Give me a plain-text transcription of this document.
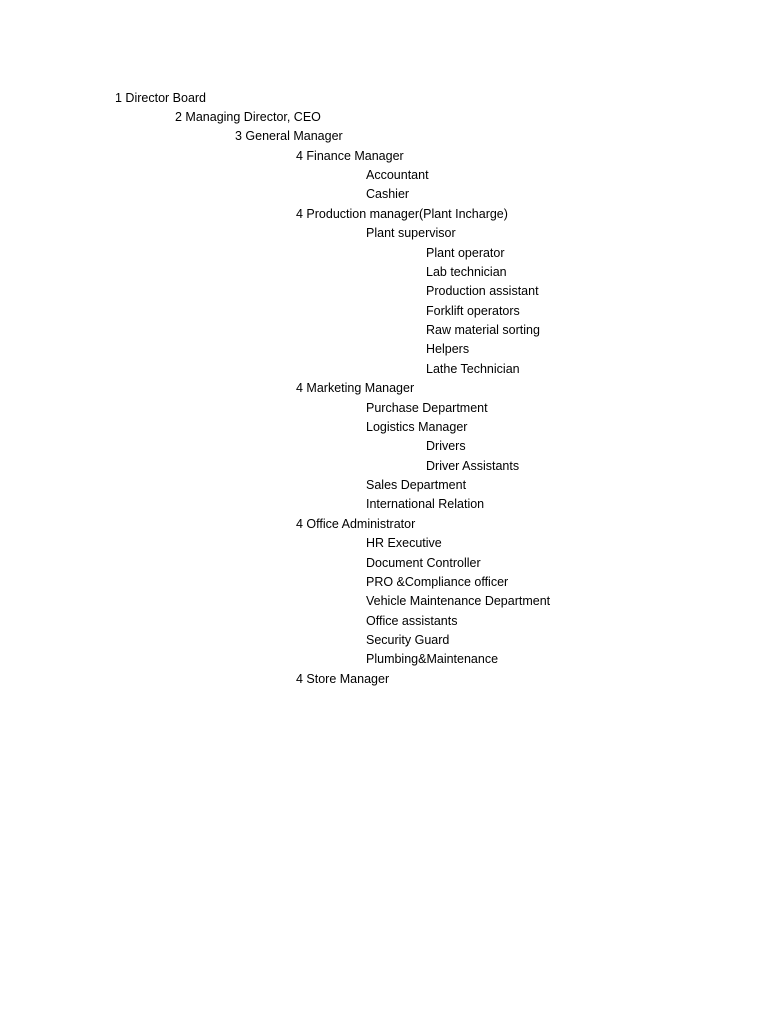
1 Director Board
2 Managing Director, CEO
3 General Manager
4 Finance Manager
Accountant
Cashier
4 Production manager(Plant Incharge)
Plant supervisor
Plant operator
Lab technician
Production assistant
Forklift operators
Raw material sorting
Helpers
Lathe Technician
4 Marketing Manager
Purchase Department
Logistics Manager
Drivers
Driver Assistants
Sales Department
International Relation
4 Office Administrator
HR Executive
Document Controller
PRO &Compliance officer
Vehicle Maintenance Department
Office assistants
Security Guard
Plumbing&Maintenance
4 Store Manager
